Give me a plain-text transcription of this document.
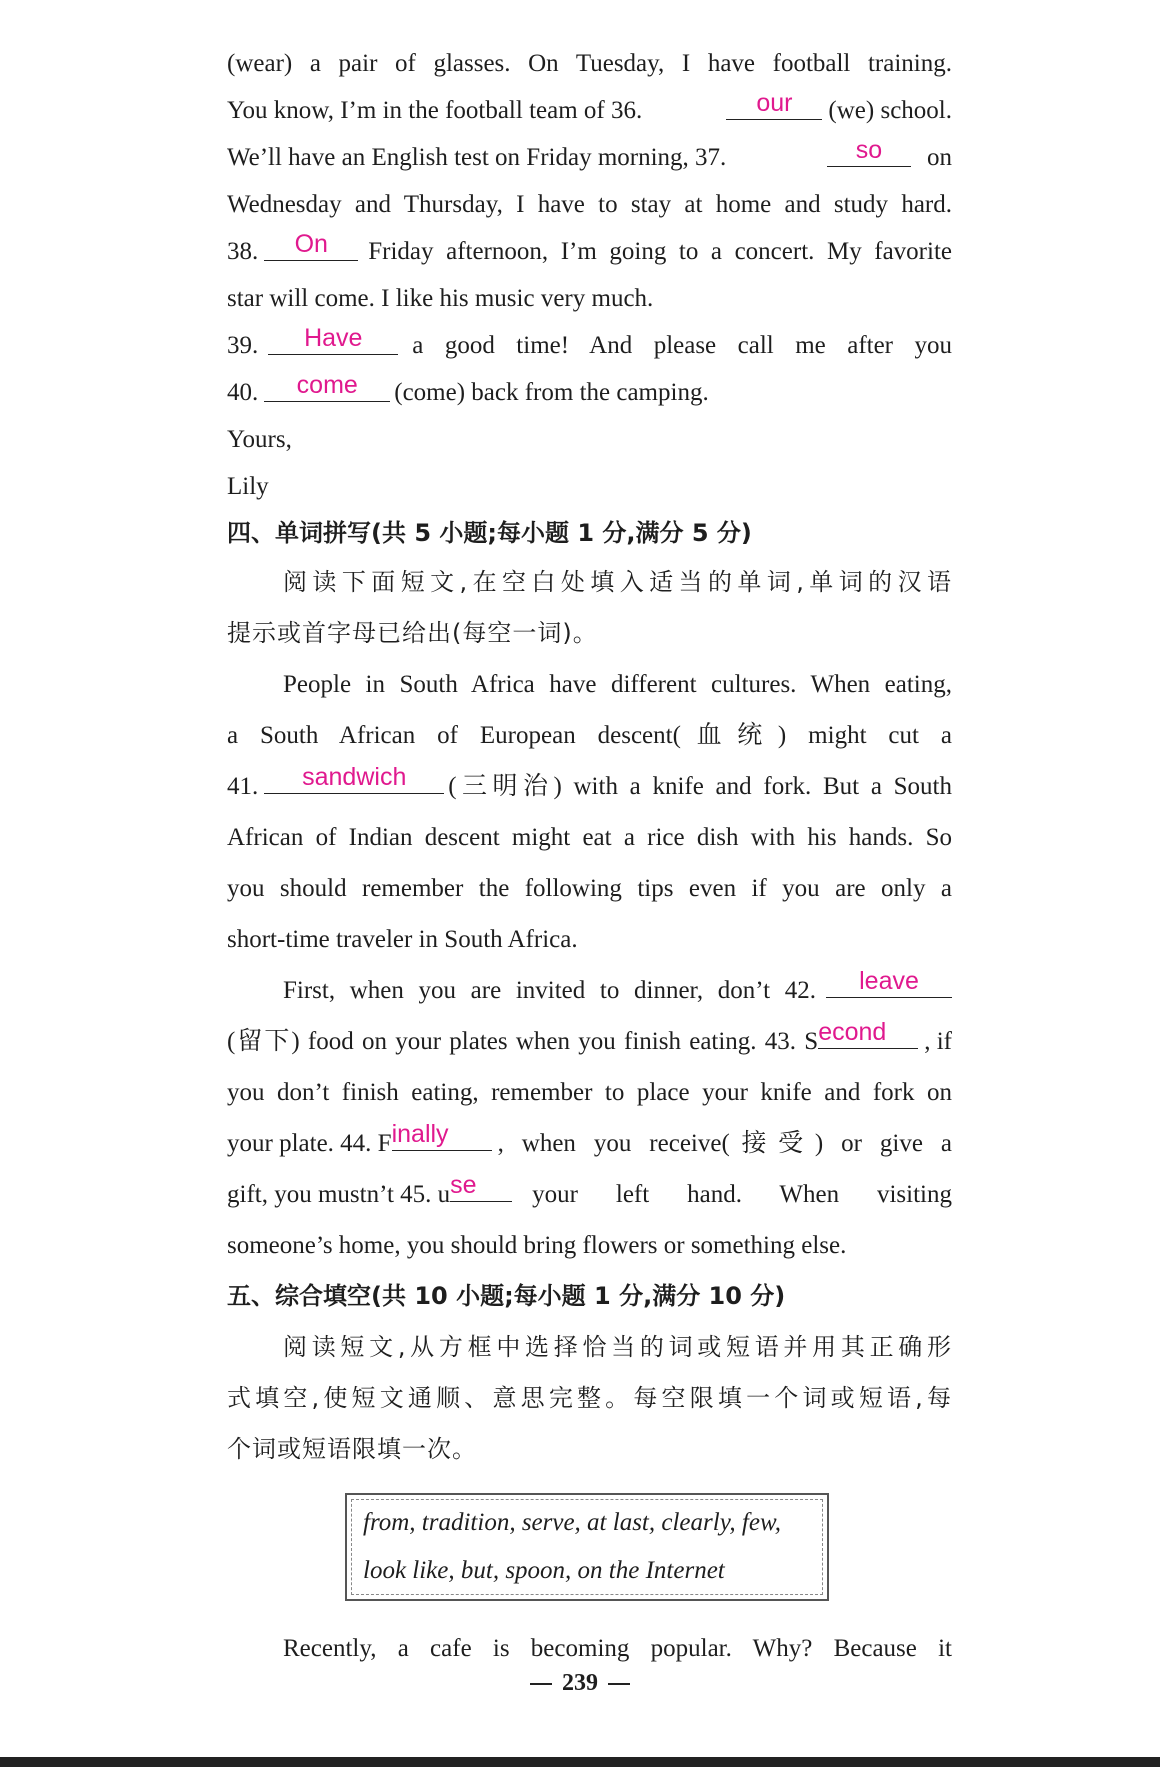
(wear) a pair of glasses. On Tuesday, I have football training.
You know, I’m in the football team of 36.	our	(we) school.
We’ll have an English test on Friday morning, 37.	so	on
Wednesday and Thursday, I have to stay at home and study hard.
38.	On	Friday afternoon, I’m going to a concert. My favorite
star will come. I like his music very much.
39.	Have	a good time! And please call me after you
40.	come	(come) back from the camping.
Yours,
Lily
四、单词拼写(共 5 小题;每小题 1 分,满分 5 分)
阅读下面短文,在空白处填入适当的单词,单词的汉语
提示或首字母已给出(每空一词)。
People in South Africa have different cultures. When eating,
a South African of European descent(血统) might cut a
41.	sandwich	(三明治) with a knife and fork. But a South
African of Indian descent might eat a rice dish with his hands. So
you should remember the following tips even if you are only a
short-time traveler in South Africa.
First, when you are invited to dinner, don’t 42.	leave
(留下) food on your plates when you finish eating. 43. S econd	, if
you don’t finish eating, remember to place your knife and fork on
your plate. 44. F inally	, when you receive(接受) or give a
gift, you mustn’t 45. u se	your left hand. When visiting
someone’s home, you should bring flowers or something else.
五、综合填空(共 10 小题;每小题 1 分,满分 10 分)
阅读短文,从方框中选择恰当的词或短语并用其正确形
式填空,使短文通顺、意思完整。每空限填一个词或短语,每
个词或短语限填一次。
from, tradition, serve, at last, clearly, few,
look like, but, spoon, on the Internet
Recently, a cafe is becoming popular. Why? Because it
239
